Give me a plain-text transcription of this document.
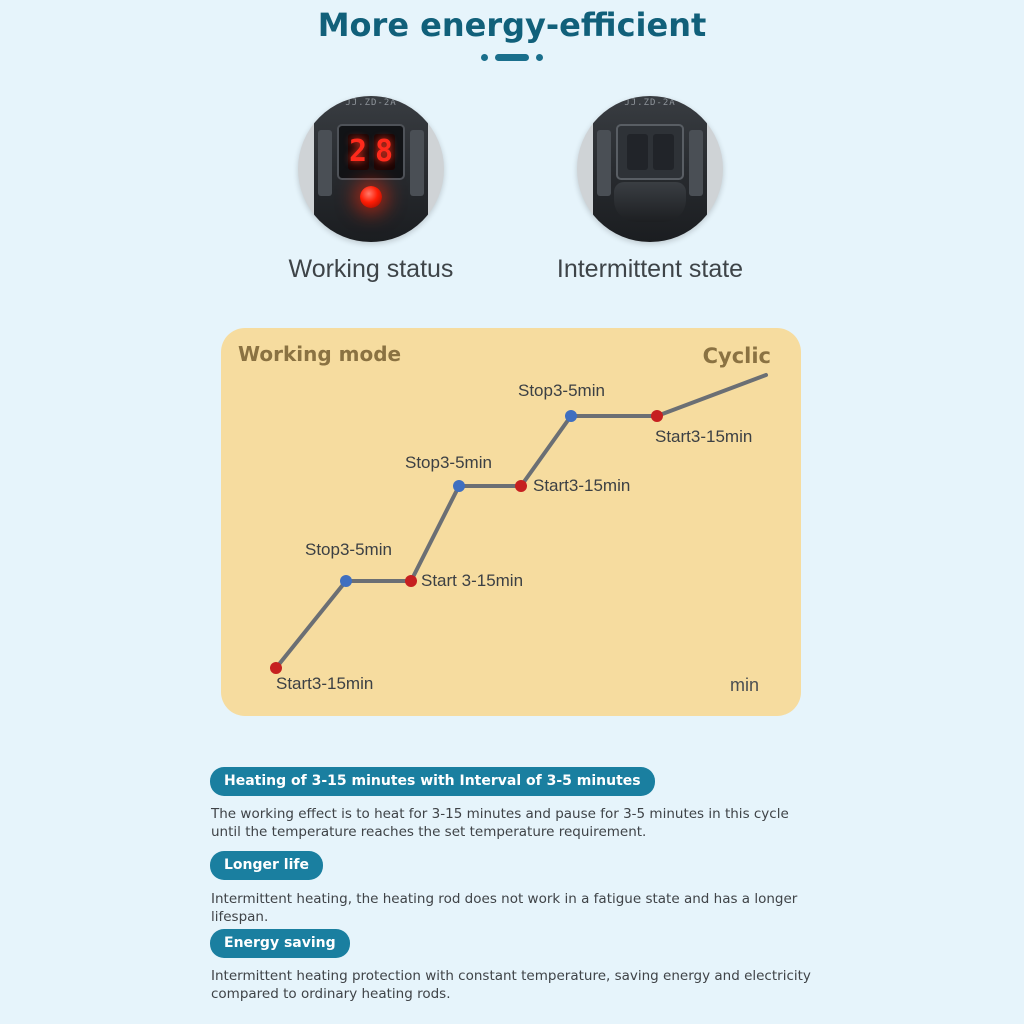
More energy-efficient
JJ.ZD-2A
2 8
Working status
JJ.ZD-2A
Intermittent state
Working mode	Cyclic
min
Start3-15min
Stop3-5min
Start 3-15min
Stop3-5min
Start3-15min
Stop3-5min
Start3-15min
Heating of 3-15 minutes with Interval of 3-5 minutes
The working effect is to heat for 3-15 minutes and pause for 3-5 minutes in this cycle until the temperature reaches the set temperature requirement.
Longer life
Intermittent heating, the heating rod does not work in a fatigue state and has a longer lifespan.
Energy saving
Intermittent heating protection with constant temperature, saving energy and electricity compared to ordinary heating rods.
